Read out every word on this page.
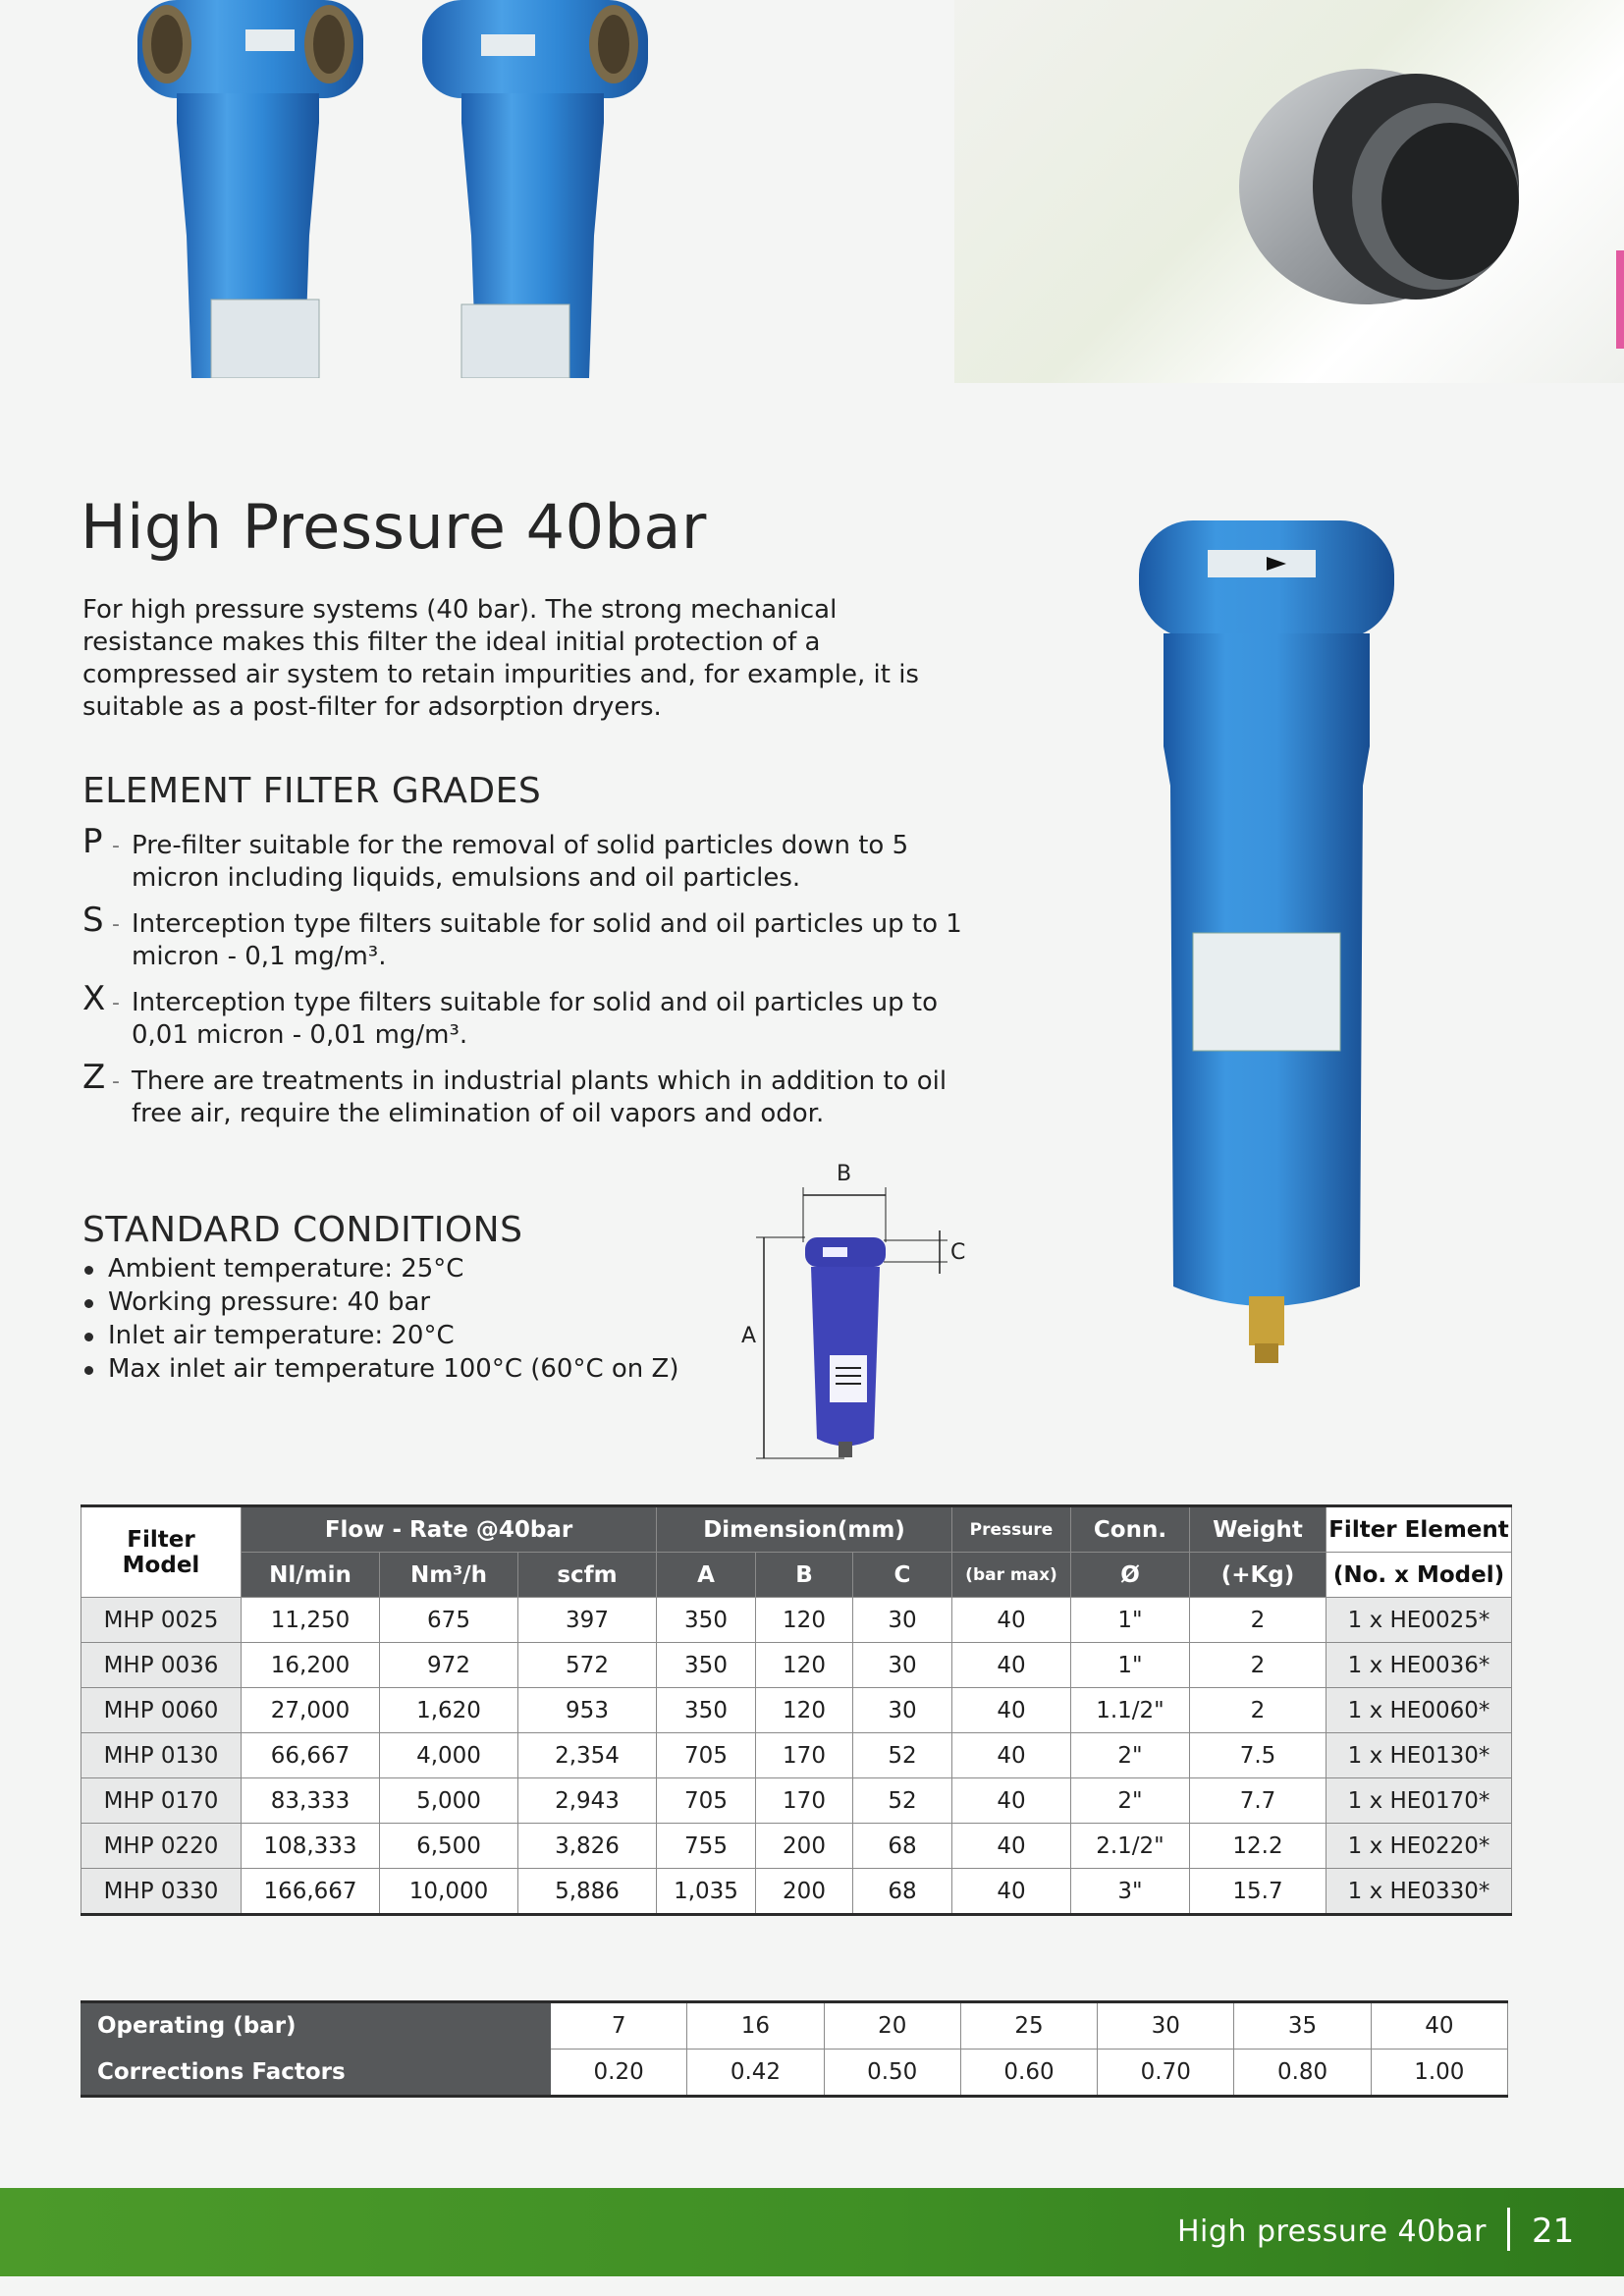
High Pressure 40bar

For high pressure systems (40 bar). The strong mechanical resistance makes this filter the ideal initial protection of a compressed air system to retain impurities and, for example, it is suitable as a post-filter for adsorption dryers.

ELEMENT FILTER GRADES
P - Pre-filter suitable for the removal of solid particles down to 5 micron including liquids, emulsions and oil particles.
S - Interception type filters suitable for solid and oil particles up to 1 micron - 0,1 mg/m³.
X - Interception type filters suitable for solid and oil particles up to 0,01 micron - 0,01 mg/m³.
Z - There are treatments in industrial plants which in addition to oil free air, require the elimination of oil vapors and odor.
STANDARD CONDITIONS
Ambient temperature: 25°C
Working pressure: 40 bar
Inlet air temperature: 20°C
Max inlet air temperature 100°C (60°C on Z)
B
C
A
Filter
Model	Flow - Rate @40bar			Dimension(mm)			Pressure	Conn.	Weight	Filter Element
	Nl/min	Nm³/h	scfm	A	B	C	(bar max)	Ø	(+Kg)	(No. x Model)
MHP 0025	11,250	675	397	350	120	30	40	1"	2	1 x HE0025*
MHP 0036	16,200	972	572	350	120	30	40	1"	2	1 x HE0036*
MHP 0060	27,000	1,620	953	350	120	30	40	1.1/2"	2	1 x HE0060*
MHP 0130	66,667	4,000	2,354	705	170	52	40	2"	7.5	1 x HE0130*
MHP 0170	83,333	5,000	2,943	705	170	52	40	2"	7.7	1 x HE0170*
MHP 0220	108,333	6,500	3,826	755	200	68	40	2.1/2"	12.2	1 x HE0220*
MHP 0330	166,667	10,000	5,886	1,035	200	68	40	3"	15.7	1 x HE0330*
Operating (bar)	7	16	20	25	30	35	40
Corrections Factors	0.20	0.42	0.50	0.60	0.70	0.80	1.00
High pressure 40bar 21
